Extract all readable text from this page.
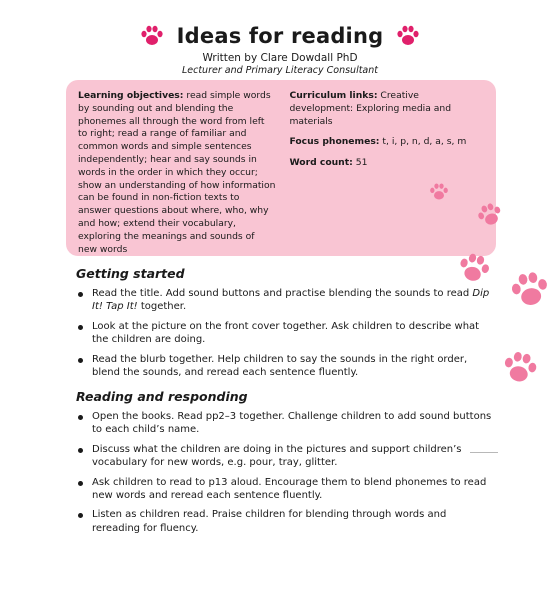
Ideas for reading
Written by Clare Dowdall PhD
Lecturer and Primary Literacy Consultant
Learning objectives: read simple words by sounding out and blending the phonemes all through the word from left to right; read a range of familiar and common words and simple sentences independently; hear and say sounds in words in the order in which they occur; show an understanding of how information can be found in non-fiction texts to answer questions about where, who, why and how; extend their vocabulary, exploring the meanings and sounds of new words
Curriculum links: Creative development: Exploring media and materials
Focus phonemes: t, i, p, n, d, a, s, m
Word count: 51
Getting started
Read the title. Add sound buttons and practise blending the sounds to read Dip It! Tap It! together.
Look at the picture on the front cover together. Ask children to describe what the children are doing.
Read the blurb together. Help children to say the sounds in the right order, blend the sounds, and reread each sentence fluently.
Reading and responding
Open the books. Read pp2–3 together. Challenge children to add sound buttons to each child’s name.
Discuss what the children are doing in the pictures and support children’s vocabulary for new words, e.g. pour, tray, glitter.
Ask children to read to p13 aloud. Encourage them to blend phonemes to read new words and reread each sentence fluently.
Listen as children read. Praise children for blending through words and rereading for fluency.
